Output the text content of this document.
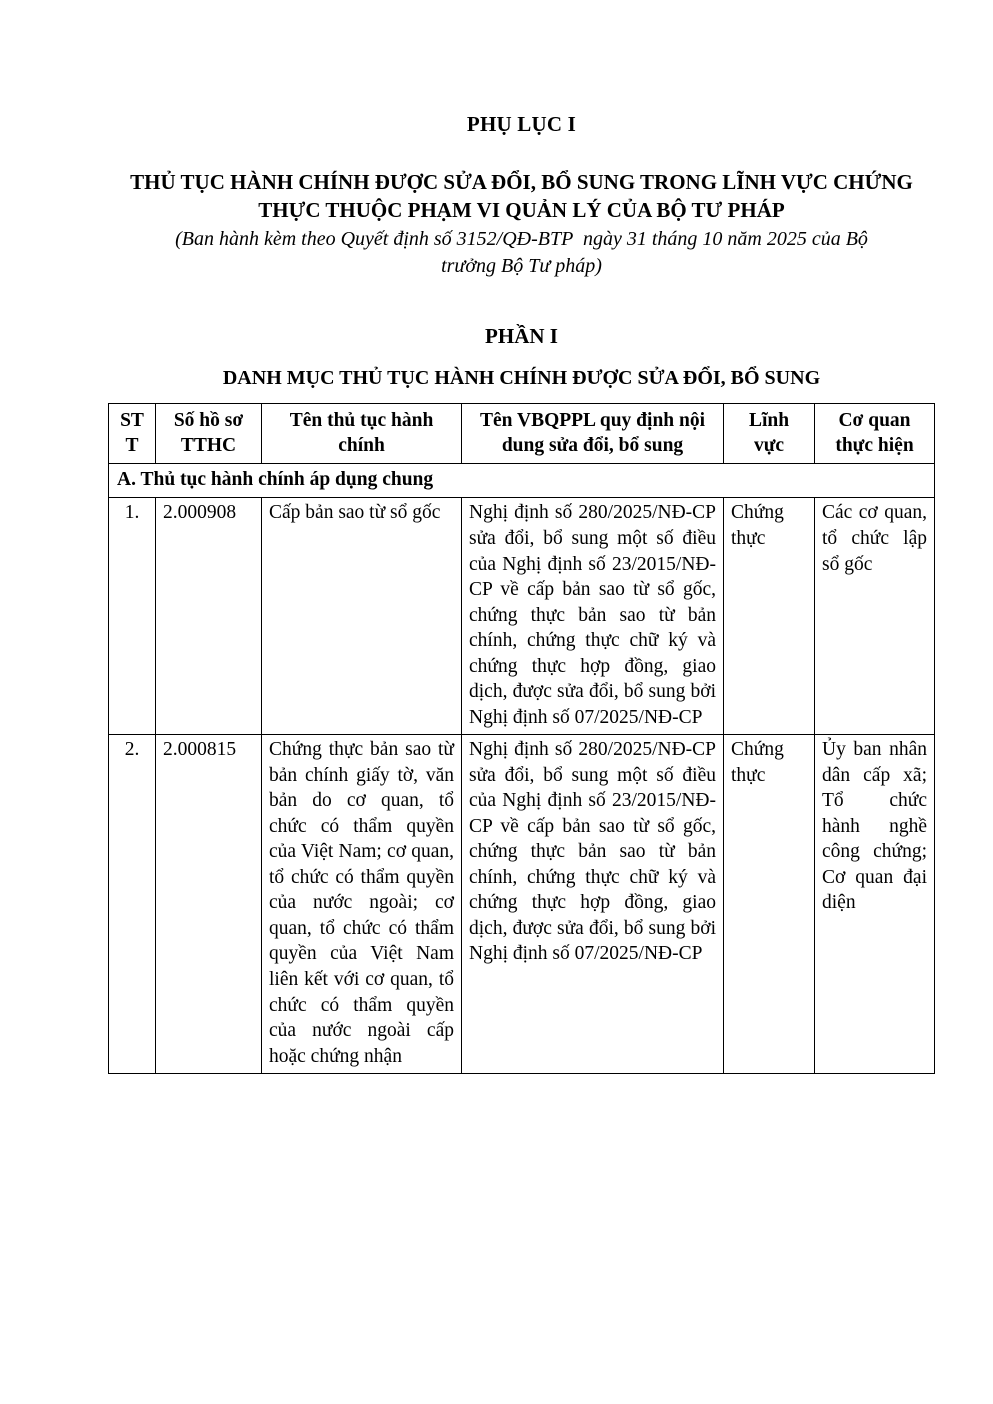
PHỤ LỤC I
THỦ TỤC HÀNH CHÍNH ĐƯỢC SỬA ĐỔI, BỔ SUNG TRONG LĨNH VỰC CHỨNG THỰC THUỘC PHẠM VI QUẢN LÝ CỦA BỘ TƯ PHÁP
(Ban hành kèm theo Quyết định số 3152/QĐ-BTP  ngày 31 tháng 10 năm 2025 của Bộ trưởng Bộ Tư pháp)
PHẦN I
DANH MỤC THỦ TỤC HÀNH CHÍNH ĐƯỢC SỬA ĐỔI, BỔ SUNG
STT	Số hồ sơ TTHC	Tên thủ tục hành chính	Tên VBQPPL quy định nội dung sửa đổi, bổ sung	Lĩnh vực	Cơ quan thực hiện
A. Thủ tục hành chính áp dụng chung					
1.	2.000908	Cấp bản sao từ sổ gốc	Nghị định số 280/2025/NĐ-CP sửa đổi, bổ sung một số điều của Nghị định số 23/2015/NĐ-CP về cấp bản sao từ sổ gốc, chứng thực bản sao từ bản chính, chứng thực chữ ký và chứng thực hợp đồng, giao dịch, được sửa đổi, bổ sung bởi Nghị định số 07/2025/NĐ-CP	Chứng thực	Các cơ quan, tổ chức lập sổ gốc
2.	2.000815	Chứng thực bản sao từ bản chính giấy tờ, văn bản do cơ quan, tổ chức có thẩm quyền của Việt Nam; cơ quan, tổ chức có thẩm quyền của nước ngoài; cơ quan, tổ chức có thẩm quyền của Việt Nam liên kết với cơ quan, tổ chức có thẩm quyền của nước ngoài cấp hoặc chứng nhận	Nghị định số 280/2025/NĐ-CP sửa đổi, bổ sung một số điều của Nghị định số 23/2015/NĐ-CP về cấp bản sao từ sổ gốc, chứng thực bản sao từ bản chính, chứng thực chữ ký và chứng thực hợp đồng, giao dịch, được sửa đổi, bổ sung bởi Nghị định số 07/2025/NĐ-CP	Chứng thực	Ủy ban nhân dân cấp xã; Tổ chức hành nghề công chứng; Cơ quan đại diện
